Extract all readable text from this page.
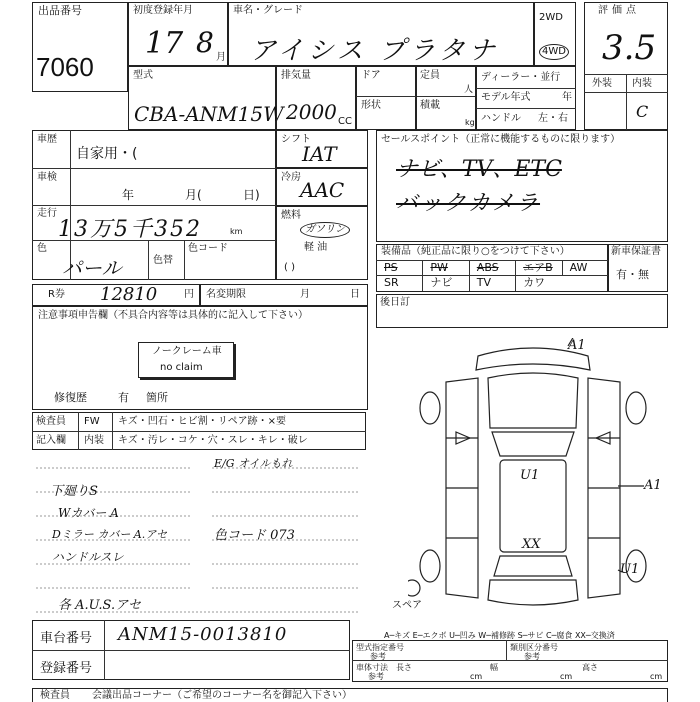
出品番号
7060
初度登録年月
17 8 月
車名・グレード
アイシス プラタナ
2WD
4WD
評価点
3.5
外装 内装
C
型式
CBA-ANM15W
排気量
2000 CC
ドア
形状
定員
人
積載
kg
ディーラー・並行
モデル年式	年
ハンドル 左・右
車歴
自家用・(
車検
年	月(	日)
走行
13万5千352	km
色
パール	色替
色コード
シフト
IAT
冷房
AAC
燃料
ガソリン
軽 油
( )
セールスポイント（正常に機能するものに限ります）
ナビ、TV、ETC
バックカメラ
装備品（純正品に限り○をつけて下さい）
PS	PW	ABS エアB AW
SR	ナビ TV	カワ
新車保証書
有・無
R券 12810	円 名変期限	月	日
後日訂
注意事項申告欄（不具合内容等は具体的に記入して下さい）
ノークレーム車
no claim
修復歴	有 箇所
検査員
記入欄
FW キズ・凹石・ヒビ割・リペア跡・×要
内装 キズ・汚レ・コケ・穴・スレ・キレ・破レ
下廻りS
Wカバー A
Dミラー カバー A.アセ
ハンドルスレ
各 A.U.S.アセ
E/G オイルもれ
色コード 073
A1
U1
A1
XX
U1
スペア
車台番号 ANM15-0013810
登録番号
A─キズ E─エクボ U─凹み W─補修跡 S─サビ C─腐食 XX─交換済
型式指定番号
参考
類別区分番号
参考
車体寸法
参考
長さ	幅	高さ
cm	cm	cm
検査員 会議出品コーナー（ご希望のコーナー名を御記入下さい）
